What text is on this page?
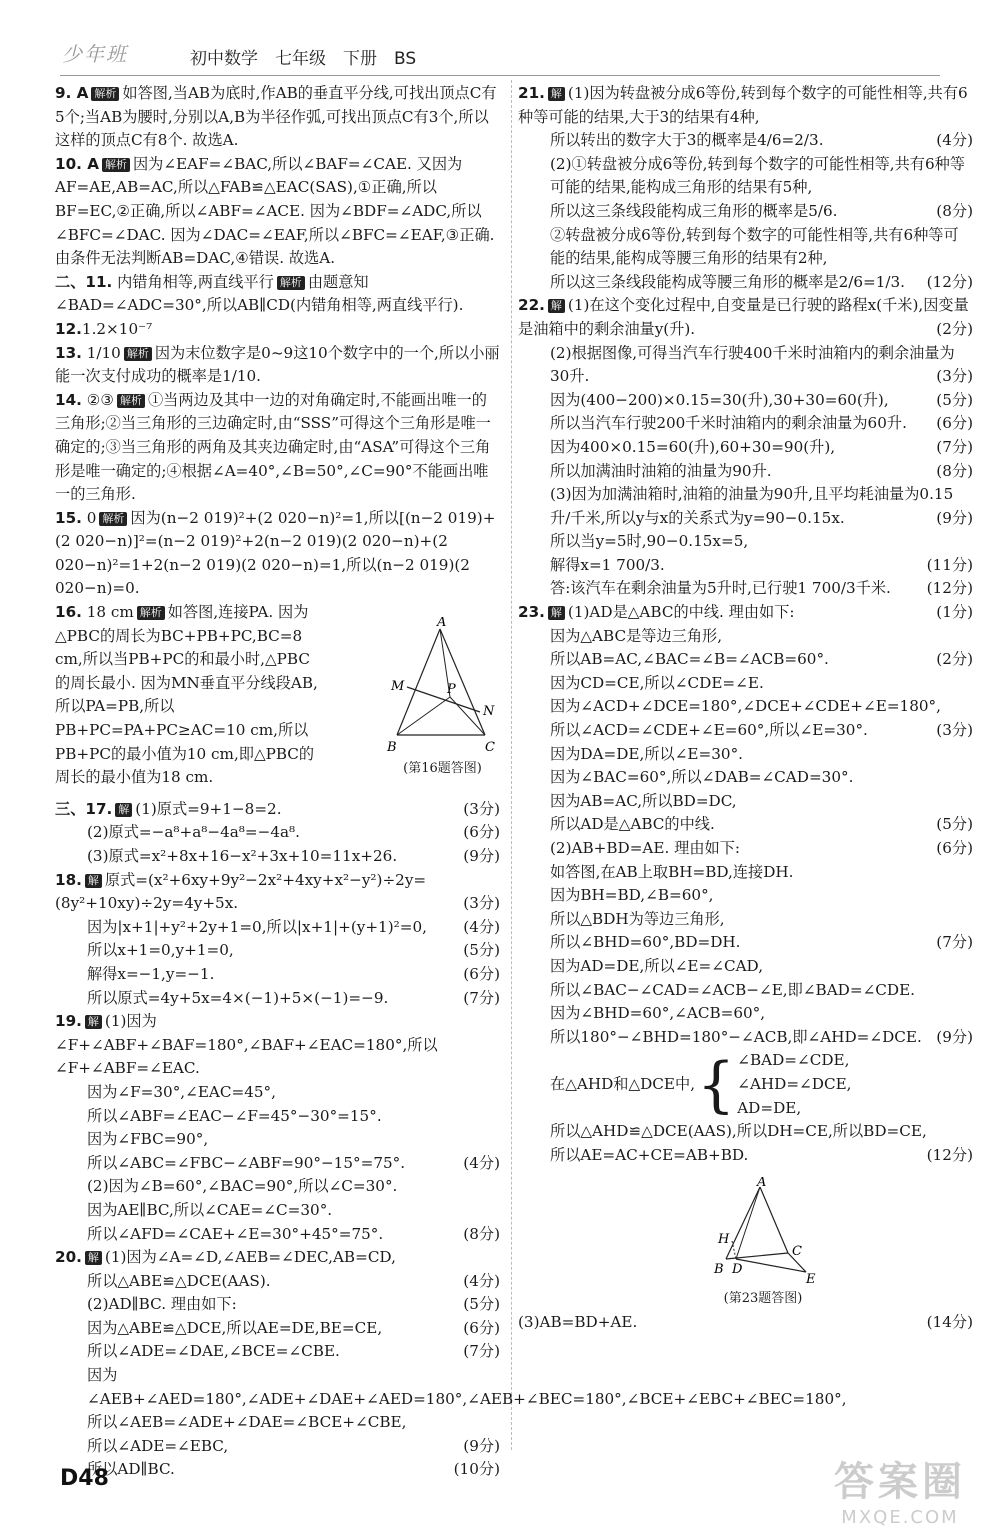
少年班	初中数学　七年级　下册　BS
9. A 解析 如答图,当AB为底时,作AB的垂直平分线,可找出顶点C有5个;当AB为腰时,分别以A,B为半径作弧,可找出顶点C有3个,所以这样的顶点C有8个. 故选A.
10. A 解析 因为∠EAF=∠BAC,所以∠BAF=∠CAE. 又因为AF=AE,AB=AC,所以△FAB≌△EAC(SAS),①正确,所以BF=EC,②正确,所以∠ABF=∠ACE. 因为∠BDF=∠ADC,所以∠BFC=∠DAC. 因为∠DAC=∠EAF,所以∠BFC=∠EAF,③正确. 由条件无法判断AB=DAC,④错误. 故选A.
二、11. 内错角相等,两直线平行 解析 由题意知∠BAD=∠ADC=30°,所以AB∥CD(内错角相等,两直线平行).
12.1.2×10⁻⁷
13. 1/10 解析 因为末位数字是0~9这10个数字中的一个,所以小丽能一次支付成功的概率是1/10.
14. ②③ 解析 ①当两边及其中一边的对角确定时,不能画出唯一的三角形;②当三角形的三边确定时,由“SSS”可得这个三角形是唯一确定的;③当三角形的两角及其夹边确定时,由“ASA”可得这个三角形是唯一确定的;④根据∠A=40°,∠B=50°,∠C=90°不能画出唯一的三角形.
15. 0 解析 因为(n−2 019)²+(2 020−n)²=1,所以[(n−2 019)+(2 020−n)]²=(n−2 019)²+2(n−2 019)(2 020−n)+(2 020−n)²=1+2(n−2 019)(2 020−n)=1,所以(n−2 019)(2 020−n)=0.
16. 18 cm 解析 如答图,连接PA. 因为△PBC的周长为BC+PB+PC,BC=8 cm,所以当PB+PC的和最小时,△PBC的周长最小. 因为MN垂直平分线段AB,所以PA=PB,所以PB+PC=PA+PC≥AC=10 cm,所以PB+PC的最小值为10 cm,即△PBC的周长的最小值为18 cm.
A
M	P
N
B	C
(第16题答图)
三、17. 解 (1)原式=9+1−8=2.	(3分)
(2)原式=−a⁸+a⁸−4a⁸=−4a⁸.	(6分)
(3)原式=x²+8x+16−x²+3x+10=11x+26.	(9分)
18. 解 原式=(x²+6xy+9y²−2x²+4xy+x²−y²)÷2y=(8y²+10xy)÷2y=4y+5x.	(3分)
因为|x+1|+y²+2y+1=0,所以|x+1|+(y+1)²=0, (4分)
所以x+1=0,y+1=0,	(5分)
解得x=−1,y=−1.	(6分)
所以原式=4y+5x=4×(−1)+5×(−1)=−9.	(7分)
19. 解 (1)因为∠F+∠ABF+∠BAF=180°,∠BAF+∠EAC=180°,所以∠F+∠ABF=∠EAC.
因为∠F=30°,∠EAC=45°,
所以∠ABF=∠EAC−∠F=45°−30°=15°.
因为∠FBC=90°,
所以∠ABC=∠FBC−∠ABF=90°−15°=75°.	(4分)
(2)因为∠B=60°,∠BAC=90°,所以∠C=30°.
因为AE∥BC,所以∠CAE=∠C=30°.
所以∠AFD=∠CAE+∠E=30°+45°=75°.	(8分)
20. 解 (1)因为∠A=∠D,∠AEB=∠DEC,AB=CD,
所以△ABE≌△DCE(AAS).	(4分)
(2)AD∥BC. 理由如下:	(5分)
因为△ABE≌△DCE,所以AE=DE,BE=CE,	(6分)
所以∠ADE=∠DAE,∠BCE=∠CBE.	(7分)
因为∠AEB+∠AED=180°,∠ADE+∠DAE+∠AED=180°,∠AEB+∠BEC=180°,∠BCE+∠EBC+∠BEC=180°,
所以∠AEB=∠ADE+∠DAE=∠BCE+∠CBE,
所以∠ADE=∠EBC,	(9分)
所以AD∥BC.	(10分)
21. 解 (1)因为转盘被分成6等份,转到每个数字的可能性相等,共有6种等可能的结果,大于3的结果有4种,
所以转出的数字大于3的概率是4/6=2/3.	(4分)
(2)①转盘被分成6等份,转到每个数字的可能性相等,共有6种等可能的结果,能构成三角形的结果有5种,
所以这三条线段能构成三角形的概率是5/6.	(8分)
②转盘被分成6等份,转到每个数字的可能性相等,共有6种等可能的结果,能构成等腰三角形的结果有2种,
所以这三条线段能构成等腰三角形的概率是2/6=1/3. (12分)
22. 解 (1)在这个变化过程中,自变量是已行驶的路程x(千米),因变量是油箱中的剩余油量y(升).	(2分)
(2)根据图像,可得当汽车行驶400千米时油箱内的剩余油量为30升.	(3分)
因为(400−200)×0.15=30(升),30+30=60(升),	(5分)
所以当汽车行驶200千米时油箱内的剩余油量为60升. (6分)
因为400×0.15=60(升),60+30=90(升),	(7分)
所以加满油时油箱的油量为90升.	(8分)
(3)因为加满油箱时,油箱的油量为90升,且平均耗油量为0.15升/千米,所以y与x的关系式为y=90−0.15x.	(9分)
所以当y=5时,90−0.15x=5,
解得x=1 700/3.	(11分)
答:该汽车在剩余油量为5升时,已行驶1 700/3千米. (12分)
23. 解 (1)AD是△ABC的中线. 理由如下:	(1分)
因为△ABC是等边三角形,
所以AB=AC,∠BAC=∠B=∠ACB=60°.	(2分)
因为CD=CE,所以∠CDE=∠E.
因为∠ACD+∠DCE=180°,∠DCE+∠CDE+∠E=180°,
所以∠ACD=∠CDE+∠E=60°,所以∠E=30°.	(3分)
因为DA=DE,所以∠E=30°.
因为∠BAC=60°,所以∠DAB=∠CAD=30°.
因为AB=AC,所以BD=DC,
所以AD是△ABC的中线.	(5分)
(2)AB+BD=AE. 理由如下:	(6分)
如答图,在AB上取BH=BD,连接DH.
因为BH=BD,∠B=60°,
所以△BDH为等边三角形,
所以∠BHD=60°,BD=DH.	(7分)
因为AD=DE,所以∠E=∠CAD,
所以∠BAC−∠CAD=∠ACB−∠E,即∠BAD=∠CDE.
因为∠BHD=60°,∠ACB=60°,
所以180°−∠BHD=180°−∠ACB,即∠AHD=∠DCE. (9分)
在△AHD和△DCE中, { ∠BAD=∠CDE,
∠AHD=∠DCE,
AD=DE,
所以△AHD≌△DCE(AAS),所以DH=CE,所以BD=CE,
所以AE=AC+CE=AB+BD.	(12分)
A
H
C
B D
E
(第23题答图)
(3)AB=BD+AE.	(14分)
D48	答案圈
MXQE.COM
